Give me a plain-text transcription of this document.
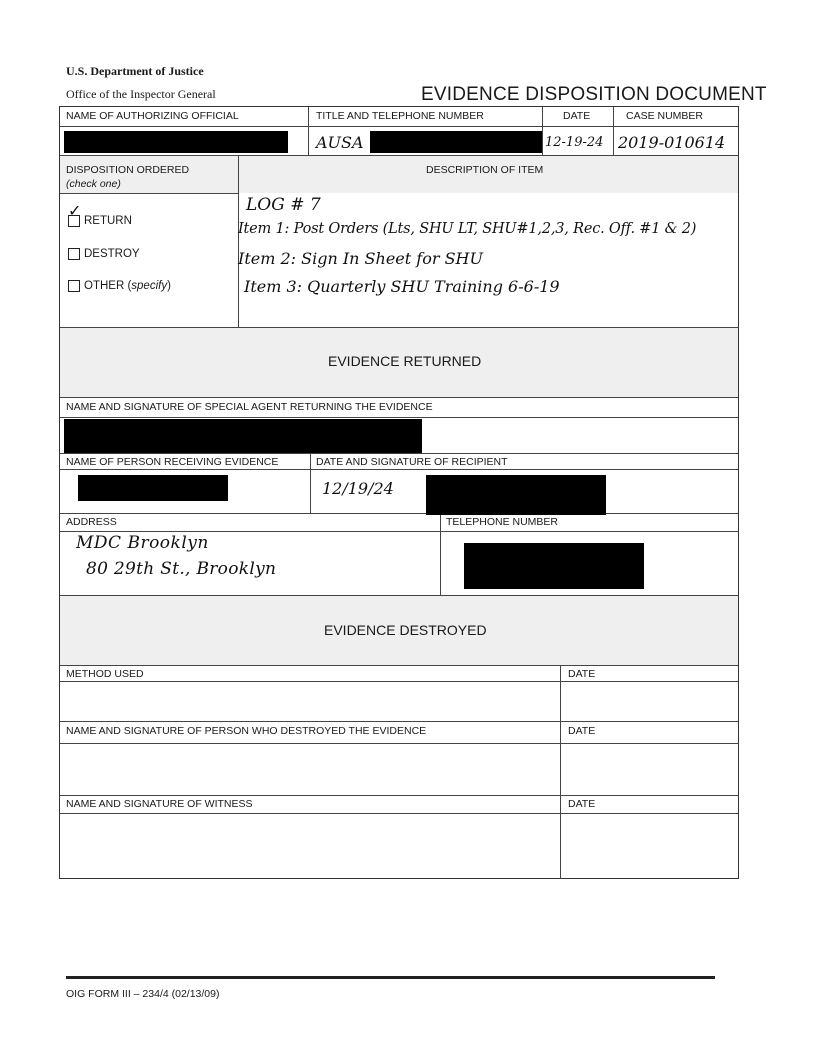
U.S. Department of Justice
Office of the Inspector General	EVIDENCE DISPOSITION DOCUMENT
NAME OF AUTHORIZING OFFICIAL	TITLE AND TELEPHONE NUMBER	DATE	CASE NUMBER
AUSA	12-19-24 2019-010614
DISPOSITION ORDERED
(check one)
DESCRIPTION OF ITEM
✓
RETURN
DESTROY
OTHER (specify)
LOG # 7
Item 1: Post Orders (Lts, SHU LT, SHU#1,2,3, Rec. Off. #1 & 2)
Item 2: Sign In Sheet for SHU
Item 3: Quarterly SHU Training 6-6-19
EVIDENCE RETURNED
NAME AND SIGNATURE OF SPECIAL AGENT RETURNING THE EVIDENCE
NAME OF PERSON RECEIVING EVIDENCE	DATE AND SIGNATURE OF RECIPIENT
12/19/24
ADDRESS	TELEPHONE NUMBER
MDC Brooklyn
80 29th St., Brooklyn
EVIDENCE DESTROYED
METHOD USED	DATE
NAME AND SIGNATURE OF PERSON WHO DESTROYED THE EVIDENCE	DATE
NAME AND SIGNATURE OF WITNESS	DATE
OIG FORM III – 234/4 (02/13/09)
